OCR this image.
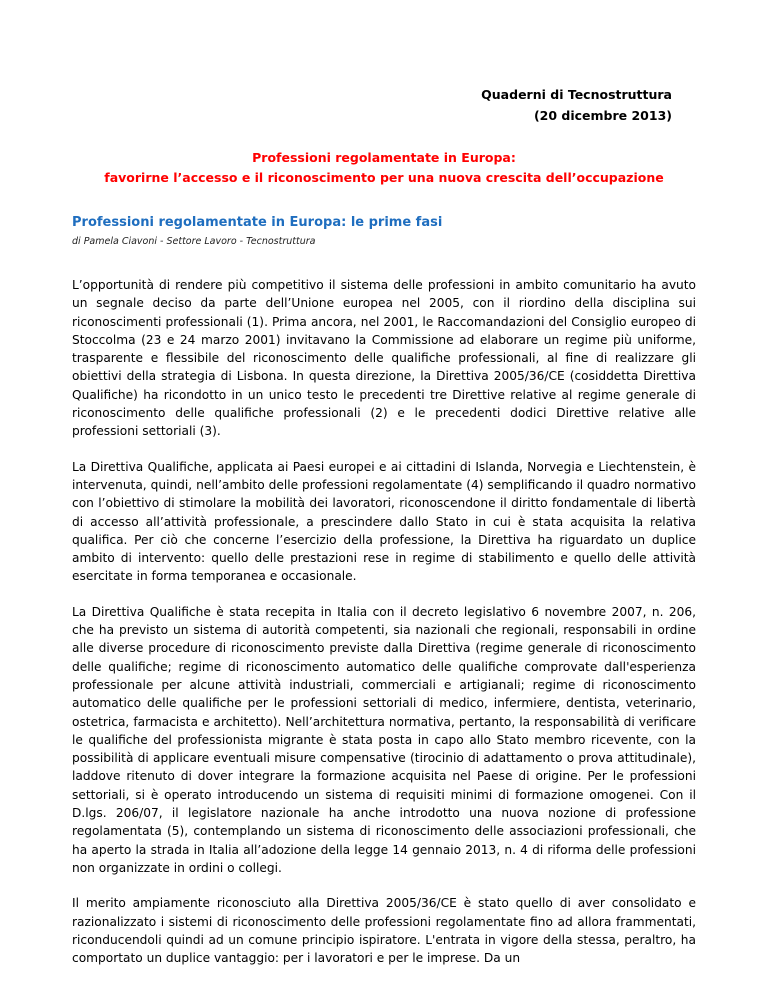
Quaderni di Tecnostruttura
(20 dicembre 2013)
Professioni regolamentate in Europa:
favorirne l’accesso e il riconoscimento per una nuova crescita dell’occupazione
Professioni regolamentate in Europa: le prime fasi
di Pamela Ciavoni - Settore Lavoro - Tecnostruttura

L’opportunità di rendere più competitivo il sistema delle professioni in ambito comunitario ha avuto un segnale deciso da parte dell’Unione europea nel 2005, con il riordino della disciplina sui riconoscimenti professionali (1). Prima ancora, nel 2001, le Raccomandazioni del Consiglio europeo di Stoccolma (23 e 24 marzo 2001) invitavano la Commissione ad elaborare un regime più uniforme, trasparente e flessibile del riconoscimento delle qualifiche professionali, al fine di realizzare gli obiettivi della strategia di Lisbona. In questa direzione, la Direttiva 2005/36/CE (cosiddetta Direttiva Qualifiche) ha ricondotto in un unico testo le precedenti tre Direttive relative al regime generale di riconoscimento delle qualifiche professionali (2) e le precedenti dodici Direttive relative alle professioni settoriali (3).

La Direttiva Qualifiche, applicata ai Paesi europei e ai cittadini di Islanda, Norvegia e Liechtenstein, è intervenuta, quindi, nell’ambito delle professioni regolamentate (4) semplificando il quadro normativo con l’obiettivo di stimolare la mobilità dei lavoratori, riconoscendone il diritto fondamentale di libertà di accesso all’attività professionale, a prescindere dallo Stato in cui è stata acquisita la relativa qualifica. Per ciò che concerne l’esercizio della professione, la Direttiva ha riguardato un duplice ambito di intervento: quello delle prestazioni rese in regime di stabilimento e quello delle attività esercitate in forma temporanea e occasionale.

La Direttiva Qualifiche è stata recepita in Italia con il decreto legislativo 6 novembre 2007, n. 206, che ha previsto un sistema di autorità competenti, sia nazionali che regionali, responsabili in ordine alle diverse procedure di riconoscimento previste dalla Direttiva (regime generale di riconoscimento delle qualifiche; regime di riconoscimento automatico delle qualifiche comprovate dall'esperienza professionale per alcune attività industriali, commerciali e artigianali; regime di riconoscimento automatico delle qualifiche per le professioni settoriali di medico, infermiere, dentista, veterinario, ostetrica, farmacista e architetto). Nell’architettura normativa, pertanto, la responsabilità di verificare le qualifiche del professionista migrante è stata posta in capo allo Stato membro ricevente, con la possibilità di applicare eventuali misure compensative (tirocinio di adattamento o prova attitudinale), laddove ritenuto di dover integrare la formazione acquisita nel Paese di origine. Per le professioni settoriali, si è operato introducendo un sistema di requisiti minimi di formazione omogenei. Con il D.lgs. 206/07, il legislatore nazionale ha anche introdotto una nuova nozione di professione regolamentata (5), contemplando un sistema di riconoscimento delle associazioni professionali, che ha aperto la strada in Italia all’adozione della legge 14 gennaio 2013, n. 4 di riforma delle professioni non organizzate in ordini o collegi.

Il merito ampiamente riconosciuto alla Direttiva 2005/36/CE è stato quello di aver consolidato e razionalizzato i sistemi di riconoscimento delle professioni regolamentate fino ad allora frammentati, riconducendoli quindi ad un comune principio ispiratore. L'entrata in vigore della stessa, peraltro, ha comportato un duplice vantaggio: per i lavoratori e per le imprese. Da un
